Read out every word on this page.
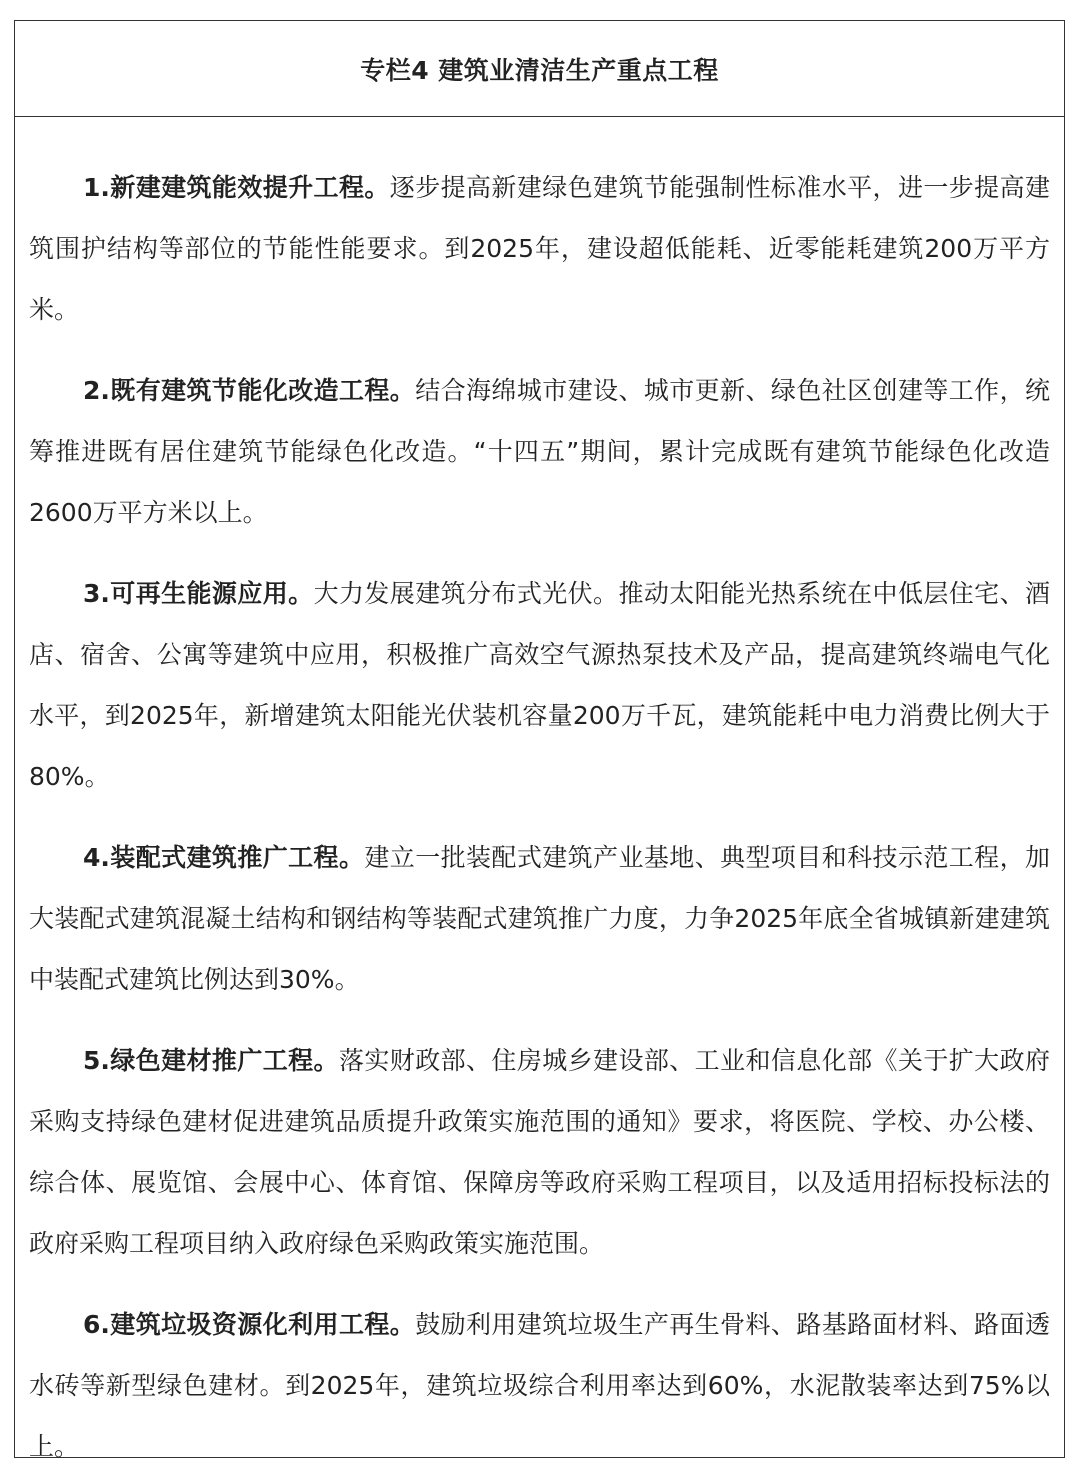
专栏4 建筑业清洁生产重点工程

1.新建建筑能效提升工程。逐步提高新建绿色建筑节能强制性标准水平，进一步提高建筑围护结构等部位的节能性能要求。到2025年，建设超低能耗、近零能耗建筑200万平方米。

2.既有建筑节能化改造工程。结合海绵城市建设、城市更新、绿色社区创建等工作，统筹推进既有居住建筑节能绿色化改造。“十四五”期间，累计完成既有建筑节能绿色化改造2600万平方米以上。

3.可再生能源应用。大力发展建筑分布式光伏。推动太阳能光热系统在中低层住宅、酒店、宿舍、公寓等建筑中应用，积极推广高效空气源热泵技术及产品，提高建筑终端电气化水平，到2025年，新增建筑太阳能光伏装机容量200万千瓦，建筑能耗中电力消费比例大于80%。

4.装配式建筑推广工程。建立一批装配式建筑产业基地、典型项目和科技示范工程，加大装配式建筑混凝土结构和钢结构等装配式建筑推广力度，力争2025年底全省城镇新建建筑中装配式建筑比例达到30%。

5.绿色建材推广工程。落实财政部、住房城乡建设部、工业和信息化部《关于扩大政府采购支持绿色建材促进建筑品质提升政策实施范围的通知》要求，将医院、学校、办公楼、综合体、展览馆、会展中心、体育馆、保障房等政府采购工程项目，以及适用招标投标法的政府采购工程项目纳入政府绿色采购政策实施范围。

6.建筑垃圾资源化利用工程。鼓励利用建筑垃圾生产再生骨料、路基路面材料、路面透水砖等新型绿色建材。到2025年，建筑垃圾综合利用率达到60%，水泥散装率达到75%以上。
